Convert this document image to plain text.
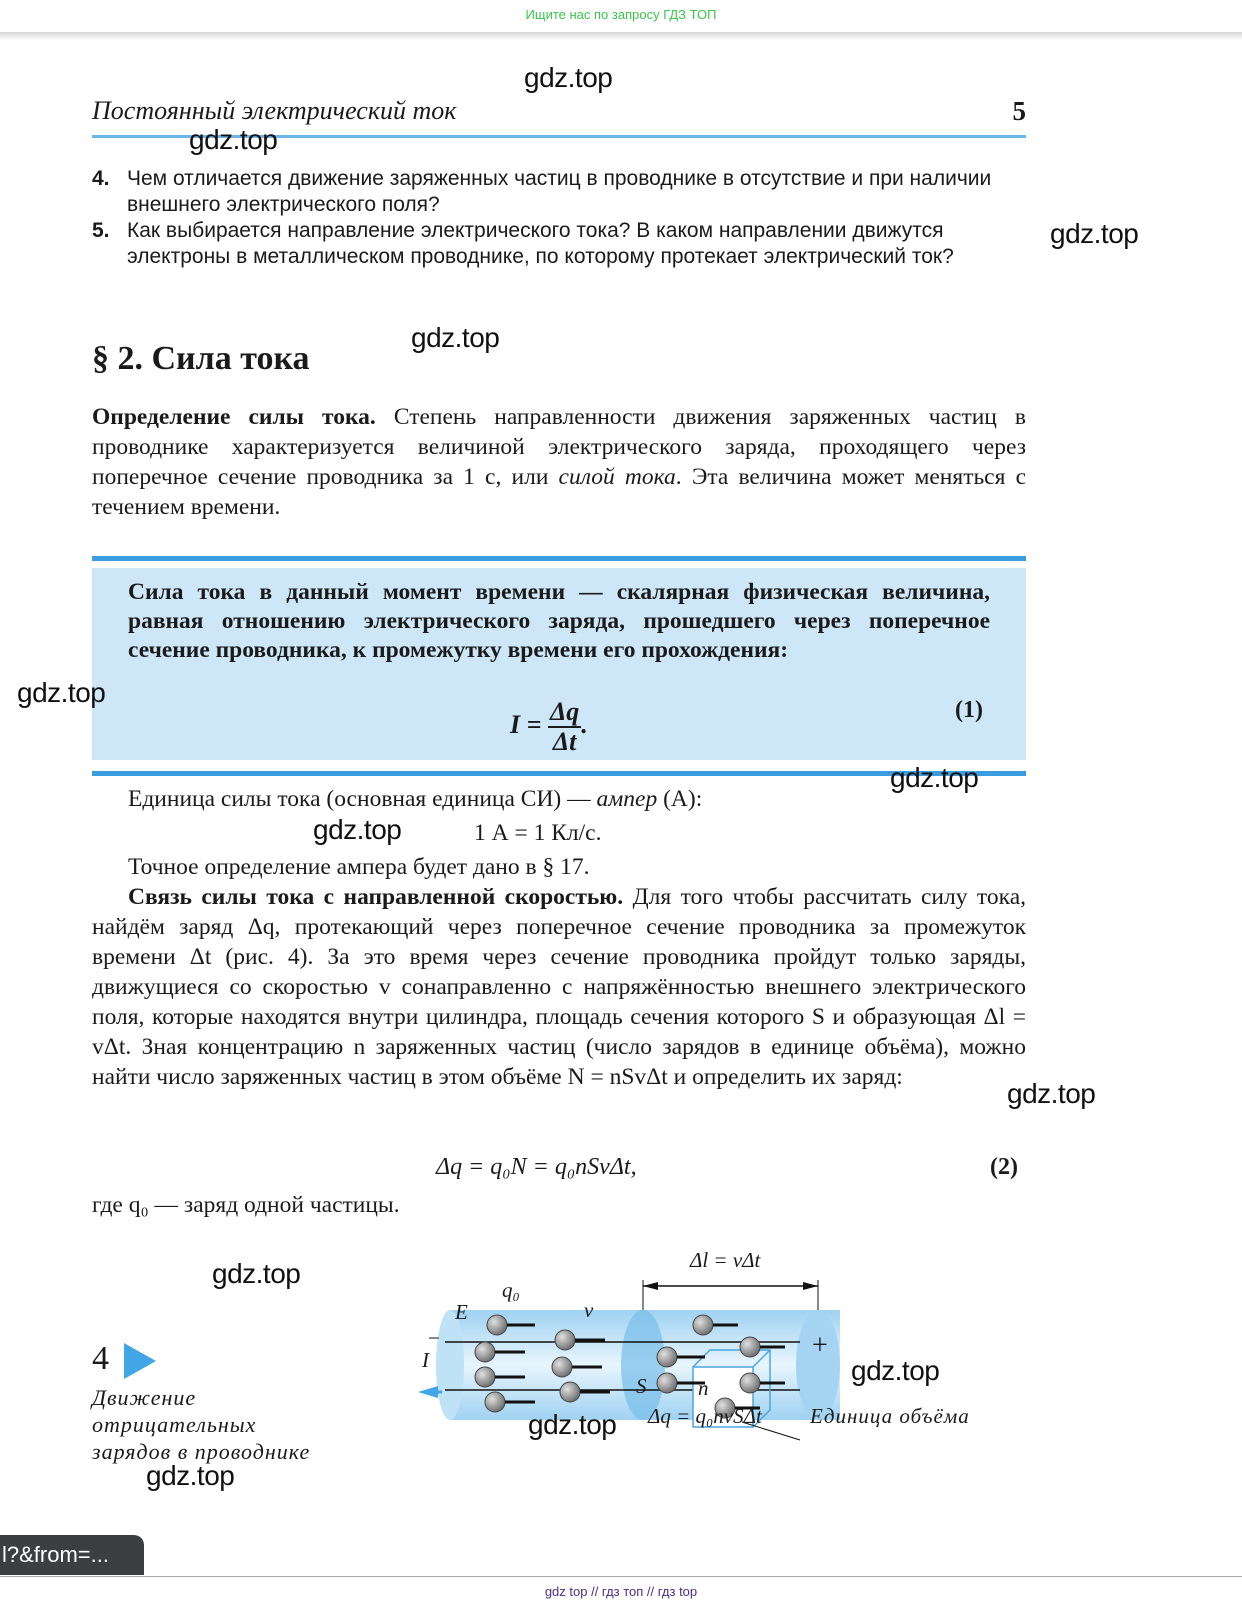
Ищите нас по запросу ГДЗ ТОП
Постоянный электрический ток	5
4. Чем отличается движение заряженных частиц в проводнике в отсутствие и при наличии внешнего электрического поля?
5. Как выбирается направление электрического тока? В каком направлении движутся электроны в металлическом проводнике, по которому протекает электрический ток?
§ 2. Сила тока
Определение силы тока. Степень направленности движения заряженных частиц в проводнике характеризуется величиной электрического заряда, проходящего через поперечное сечение проводника за 1 с, или силой тока. Эта величина может меняться с течением времени.
Сила тока в данный момент времени — скалярная физическая величина, равная отношению электрического заряда, прошедшего через поперечное сечение проводника, к промежутку времени его прохождения:
$I = \frac{\Delta q}{\Delta t}$ .	(1)
Единица силы тока (основная единица СИ) — ампер (А):
1 А = 1 Кл/с.
Точное определение ампера будет дано в § 17.
Связь силы тока с направленной скоростью. Для того чтобы рассчитать силу тока, найдём заряд Δq, протекающий через поперечное сечение проводника за промежуток времени Δt (рис. 4). За это время через сечение проводника пройдут только заряды, движущиеся со скоростью v сонаправленно с напряжённостью внешнего электрического поля, которые находятся внутри цилиндра, площадь сечения которого S и образующая Δl = vΔt. Зная концентрацию n заряженных частиц (число зарядов в единице объёма), можно найти число заряженных частиц в этом объёме N = nSvΔt и определить их заряд:
Δq = q₀N = q₀nSvΔt,	(2)
где q₀ — заряд одной частицы.
4
Движение
отрицательных
зарядов в проводнике
q₀
E⃗	v⃗
I
−	+
S n
Δl = vΔt
Δq = q₀nvSΔt Единица объёма
gdz.top
gdz.top
gdz.top
gdz.top
gdz.top
gdz.top
gdz.top
gdz.top
gdz.top
gdz.top
gdz.top
gdz.top
l?&from=...
gdz top // гдз топ // гдз top
